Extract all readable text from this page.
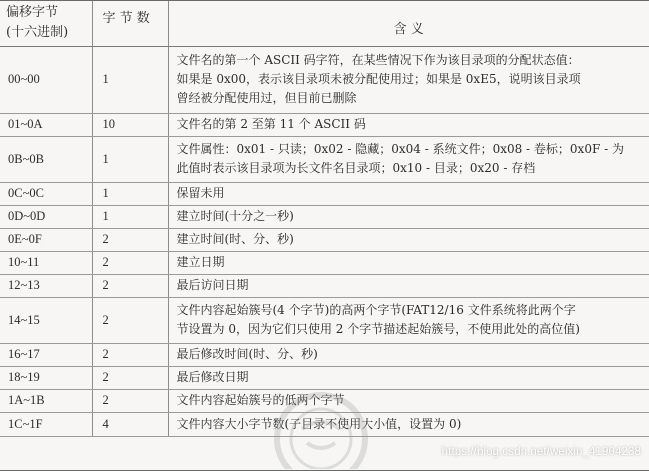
偏移字节
(十六进制)	字 节 数	含 义
00~00	1	文件名的第一个 ASCII 码字符，在某些情况下作为该目录项的分配状态值：
如果是 0x00，表示该目录项未被分配使用过；如果是 0xE5，说明该目录项
曾经被分配使用过，但目前已删除

01~0A	10	文件名的第 2 至第 11 个 ASCII 码

0B~0B	1	文件属性：0x01 - 只读；0x02 - 隐藏；0x04 - 系统文件；0x08 - 卷标；0x0F - 为
此值时表示该目录项为长文件名目录项；0x10 - 目录；0x20 - 存档

0C~0C	1	保留未用

0D~0D	1	建立时间(十分之一秒)

0E~0F	2	建立时间(时、分、秒)

10~11	2	建立日期

12~13	2	最后访问日期

14~15	2	文件内容起始簇号(4 个字节)的高两个字节(FAT12/16 文件系统将此两个字
节设置为 0，因为它们只使用 2 个字节描述起始簇号，不使用此处的高位值)

16~17	2	最后修改时间(时、分、秒)

18~19	2	最后修改日期

1A~1B	2	文件内容起始簇号的低两个字节

1C~1F	4	文件内容大小字节数(子目录不使用大小值，设置为 0)
https://blog.csdn.net/weixin_41904238
